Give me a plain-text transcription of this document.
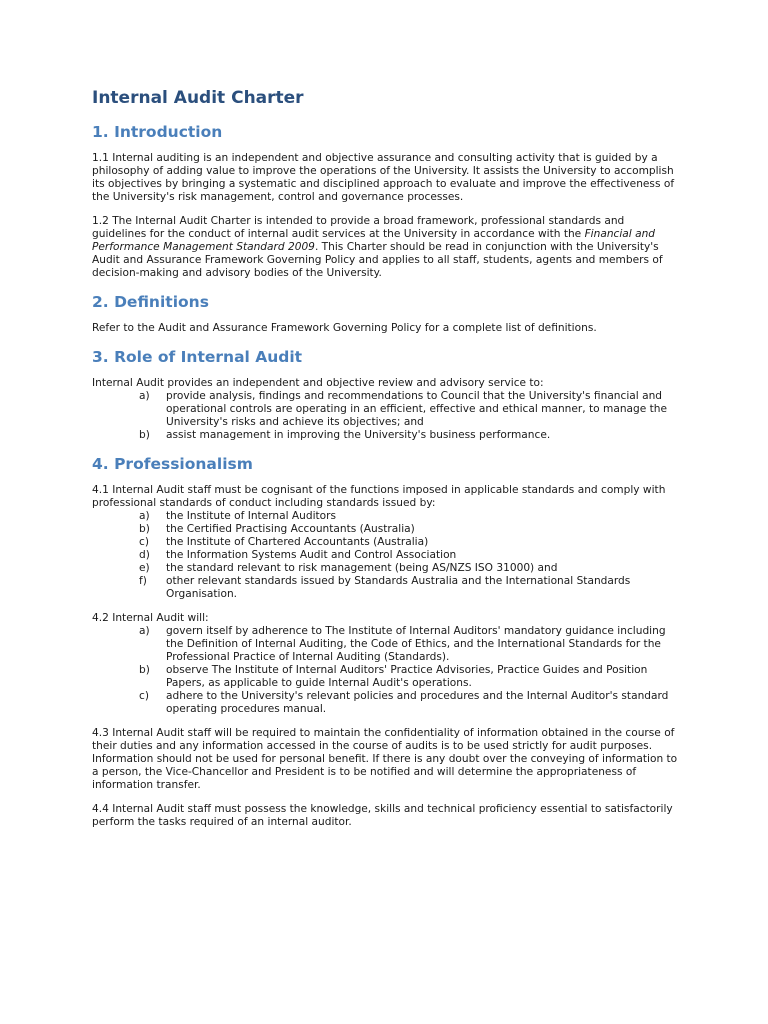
Internal Audit Charter
1. Introduction

1.1 Internal auditing is an independent and objective assurance and consulting activity that is guided by a philosophy of adding value to improve the operations of the University. It assists the University to accomplish its objectives by bringing a systematic and disciplined approach to evaluate and improve the effectiveness of the University's risk management, control and governance processes.

1.2 The Internal Audit Charter is intended to provide a broad framework, professional standards and guidelines for the conduct of internal audit services at the University in accordance with the Financial and Performance Management Standard 2009. This Charter should be read in conjunction with the University's Audit and Assurance Framework Governing Policy and applies to all staff, students, agents and members of decision-making and advisory bodies of the University.

2. Definitions

Refer to the Audit and Assurance Framework Governing Policy for a complete list of definitions.

3. Role of Internal Audit

Internal Audit provides an independent and objective review and advisory service to:

a) provide analysis, findings and recommendations to Council that the University's financial and operational controls are operating in an efficient, effective and ethical manner, to manage the University's risks and achieve its objectives; and
b) assist management in improving the University's business performance.
4. Professionalism

4.1 Internal Audit staff must be cognisant of the functions imposed in applicable standards and comply with professional standards of conduct including standards issued by:

a) the Institute of Internal Auditors
b) the Certified Practising Accountants (Australia)
c) the Institute of Chartered Accountants (Australia)
d) the Information Systems Audit and Control Association
e) the standard relevant to risk management (being AS/NZS ISO 31000) and
f) other relevant standards issued by Standards Australia and the International Standards Organisation.

4.2 Internal Audit will:

a) govern itself by adherence to The Institute of Internal Auditors' mandatory guidance including the Definition of Internal Auditing, the Code of Ethics, and the International Standards for the Professional Practice of Internal Auditing (Standards).
b) observe The Institute of Internal Auditors' Practice Advisories, Practice Guides and Position Papers, as applicable to guide Internal Audit's operations.
c) adhere to the University's relevant policies and procedures and the Internal Auditor's standard operating procedures manual.

4.3 Internal Audit staff will be required to maintain the confidentiality of information obtained in the course of their duties and any information accessed in the course of audits is to be used strictly for audit purposes. Information should not be used for personal benefit. If there is any doubt over the conveying of information to a person, the Vice-Chancellor and President is to be notified and will determine the appropriateness of information transfer.

4.4 Internal Audit staff must possess the knowledge, skills and technical proficiency essential to satisfactorily perform the tasks required of an internal auditor.
